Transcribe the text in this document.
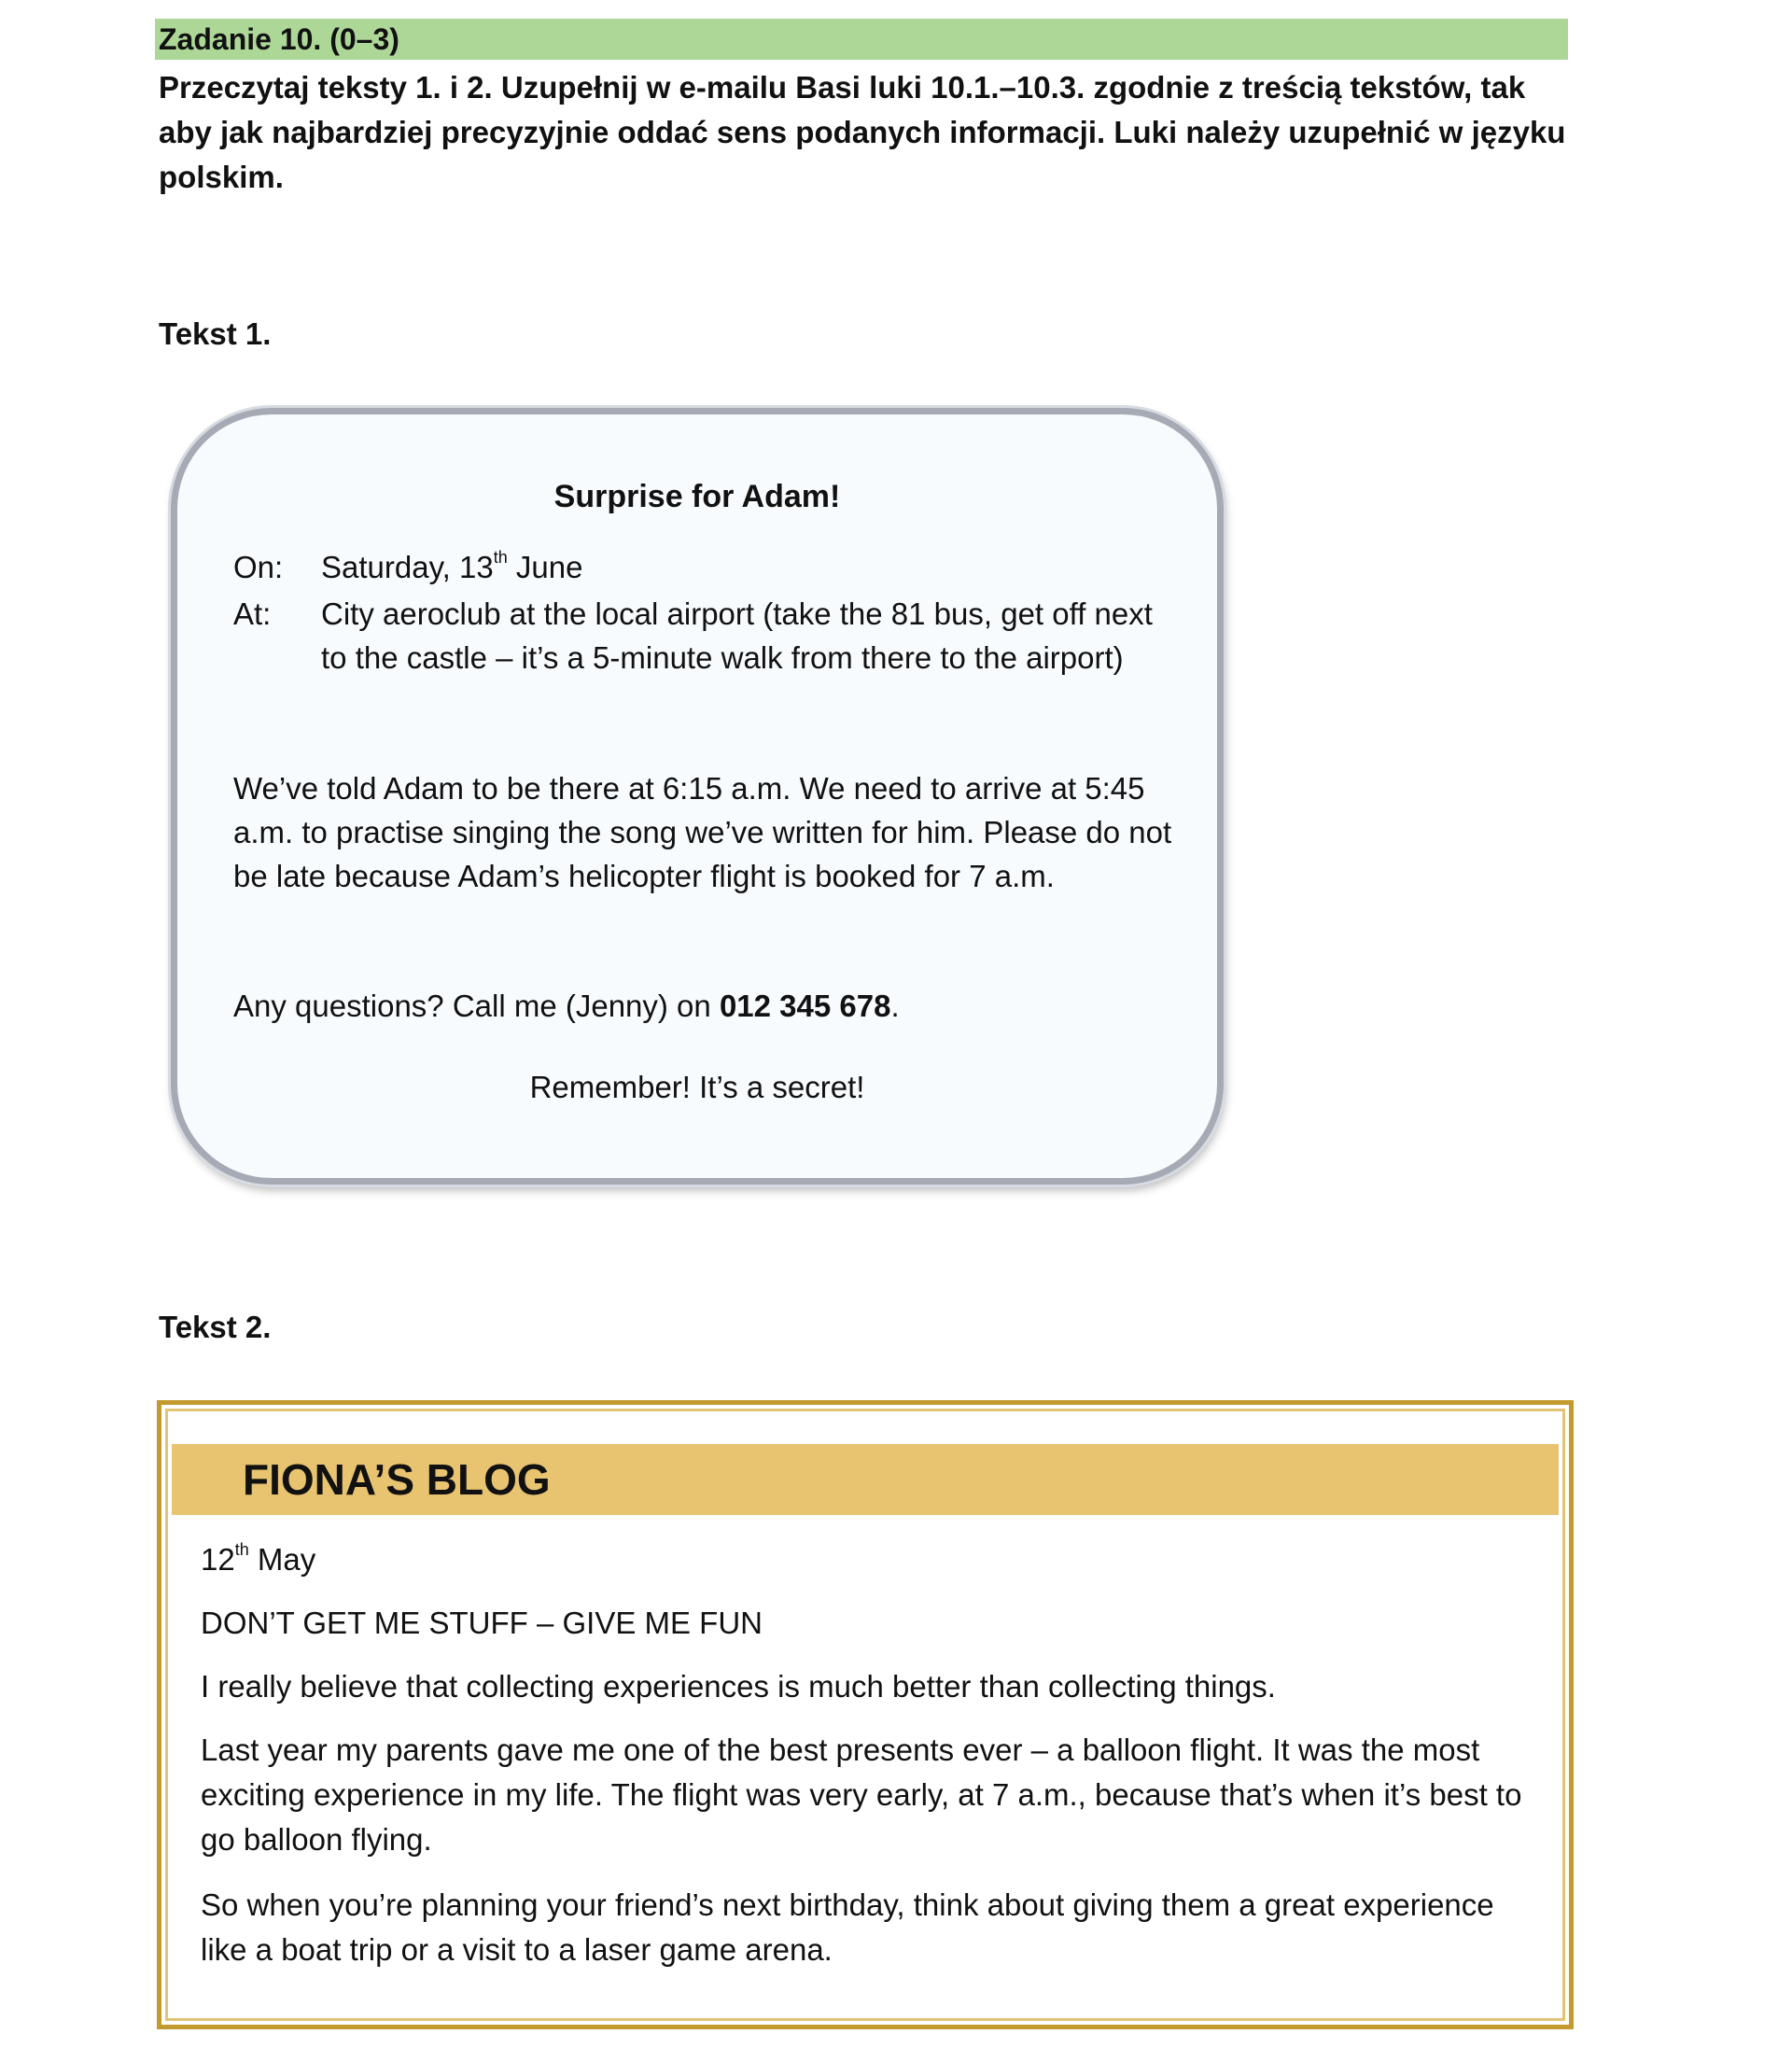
Zadanie 10. (0–3)

Przeczytaj teksty 1. i 2. Uzupełnij w e-mailu Basi luki 10.1.–10.3. zgodnie z treścią tekstów, tak aby jak najbardziej precyzyjnie oddać sens podanych informacji. Luki należy uzupełnić w języku polskim.

Tekst 1.

Surprise for Adam!

On: Saturday, 13th June
At: City aeroclub at the local airport (take the 81 bus, get off next to the castle – it’s a 5-minute walk from there to the airport)

We’ve told Adam to be there at 6:15 a.m. We need to arrive at 5:45 a.m. to practise singing the song we’ve written for him. Please do not be late because Adam’s helicopter flight is booked for 7 a.m.

Any questions? Call me (Jenny) on 012 345 678.

Remember! It’s a secret!

Tekst 2.

FIONA’S BLOG

12th May

DON’T GET ME STUFF – GIVE ME FUN

I really believe that collecting experiences is much better than collecting things.

Last year my parents gave me one of the best presents ever – a balloon flight. It was the most exciting experience in my life. The flight was very early, at 7 a.m., because that’s when it’s best to go balloon flying.

So when you’re planning your friend’s next birthday, think about giving them a great experience like a boat trip or a visit to a laser game arena.
